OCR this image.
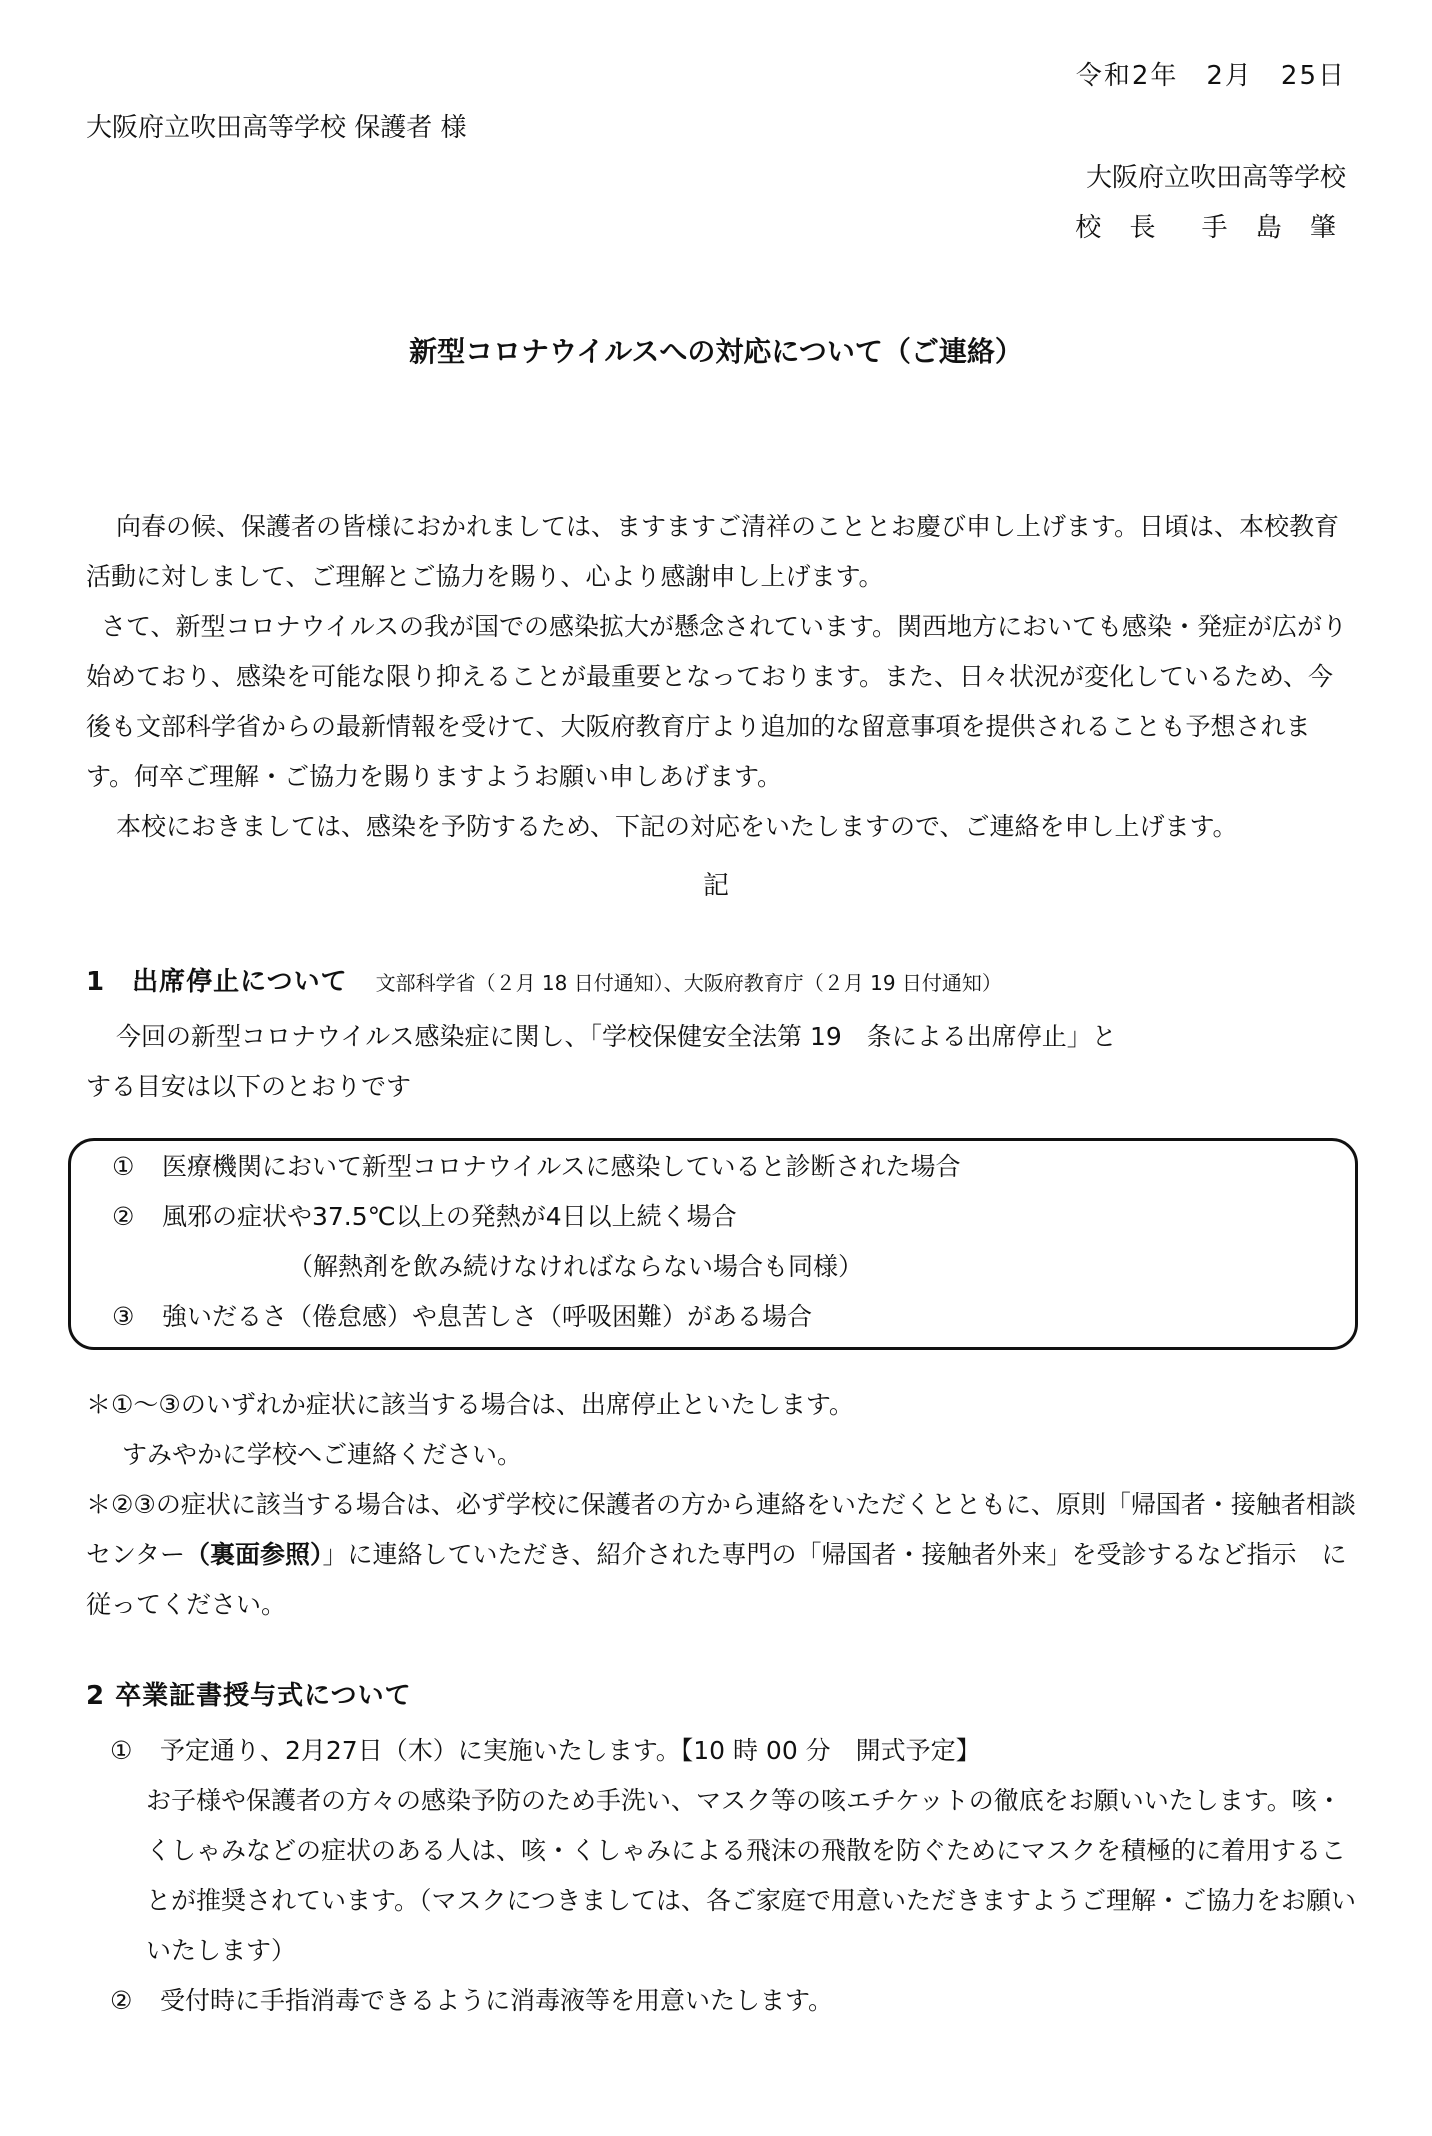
令和2年　2月　25日
大阪府立吹田高等学校 保護者 様
大阪府立吹田高等学校
校 長　手 島 肇
新型コロナウイルスへの対応について（ご連絡）

向春の候、保護者の皆様におかれましては、ますますご清祥のこととお慶び申し上げます。日頃は、本校教育活動に対しまして、ご理解とご協力を賜り、心より感謝申し上げます。

さて、新型コロナウイルスの我が国での感染拡大が懸念されています。関西地方においても感染・発症が広がり始めており、感染を可能な限り抑えることが最重要となっております。また、日々状況が変化しているため、今後も文部科学省からの最新情報を受けて、大阪府教育庁より追加的な留意事項を提供されることも予想されます。何卒ご理解・ご協力を賜りますようお願い申しあげます。

本校におきましては、感染を予防するため、下記の対応をいたしますので、ご連絡を申し上げます。

記
1　出席停止について 文部科学省（２月 18 日付通知）、大阪府教育庁（２月 19 日付通知）

今回の新型コロナウイルス感染症に関し、「学校保健安全法第 19　条による出席停止」と

する目安は以下のとおりです

① 医療機関において新型コロナウイルスに感染していると診断された場合
② 風邪の症状や37.5℃以上の発熱が4日以上続く場合
（解熱剤を飲み続けなければならない場合も同様）
③ 強いだるさ（倦怠感）や息苦しさ（呼吸困難）がある場合

＊①～③のいずれか症状に該当する場合は、出席停止といたします。

すみやかに学校へご連絡ください。

＊②③の症状に該当する場合は、必ず学校に保護者の方から連絡をいただくとともに、原則「帰国者・接触者相談センター（裏面参照）」に連絡していただき、紹介された専門の「帰国者・接触者外来」を受診するなど指示　に従ってください。

2 卒業証書授与式について

① 予定通り、2月27日（木）に実施いたします。【10 時 00 分　開式予定】

お子様や保護者の方々の感染予防のため手洗い、マスク等の咳エチケットの徹底をお願いいたします。咳・くしゃみなどの症状のある人は、咳・くしゃみによる飛沫の飛散を防ぐためにマスクを積極的に着用することが推奨されています。（マスクにつきましては、各ご家庭で用意いただきますようご理解・ご協力をお願いいたします）

② 受付時に手指消毒できるように消毒液等を用意いたします。
